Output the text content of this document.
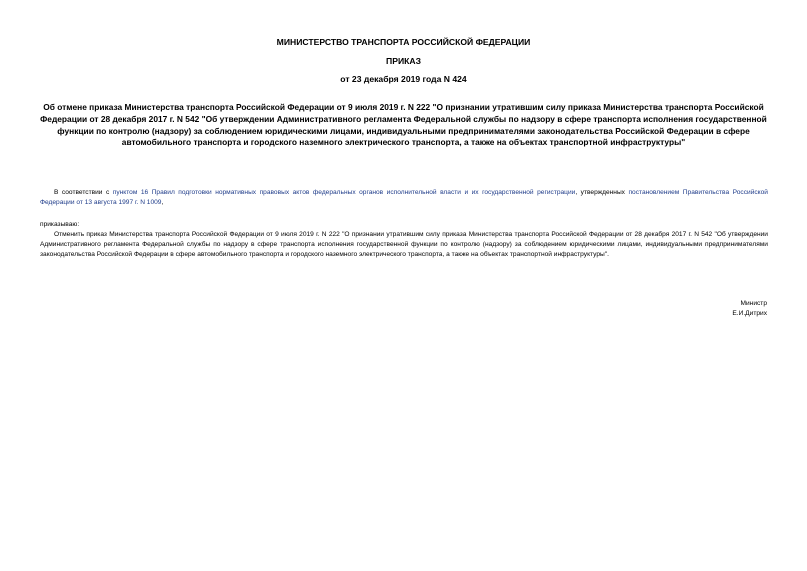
МИНИСТЕРСТВО ТРАНСПОРТА РОССИЙСКОЙ ФЕДЕРАЦИИ

ПРИКАЗ

от 23 декабря 2019 года N 424

Об отмене приказа Министерства транспорта Российской Федерации от 9 июля 2019 г. N 222 "О признании утратившим силу приказа Министерства транспорта Российской Федерации от 28 декабря 2017 г. N 542 "Об утверждении Административного регламента Федеральной службы по надзору в сфере транспорта исполнения государственной функции по контролю (надзору) за соблюдением юридическими лицами, индивидуальными предпринимателями законодательства Российской Федерации в сфере автомобильного транспорта и городского наземного электрического транспорта, а также на объектах транспортной инфраструктуры"

В соответствии с пунктом 16 Правил подготовки нормативных правовых актов федеральных органов исполнительной власти и их государственной регистрации, утвержденных постановлением Правительства Российской Федерации от 13 августа 1997 г. N 1009,

приказываю:

Отменить приказ Министерства транспорта Российской Федерации от 9 июля 2019 г. N 222 "О признании утратившим силу приказа Министерства транспорта Российской Федерации от 28 декабря 2017 г. N 542 "Об утверждении Административного регламента Федеральной службы по надзору в сфере транспорта исполнения государственной функции по контролю (надзору) за соблюдением юридическими лицами, индивидуальными предпринимателями законодательства Российской Федерации в сфере автомобильного транспорта и городского наземного электрического транспорта, а также на объектах транспортной инфраструктуры".

Министр

Е.И.Дитрих
